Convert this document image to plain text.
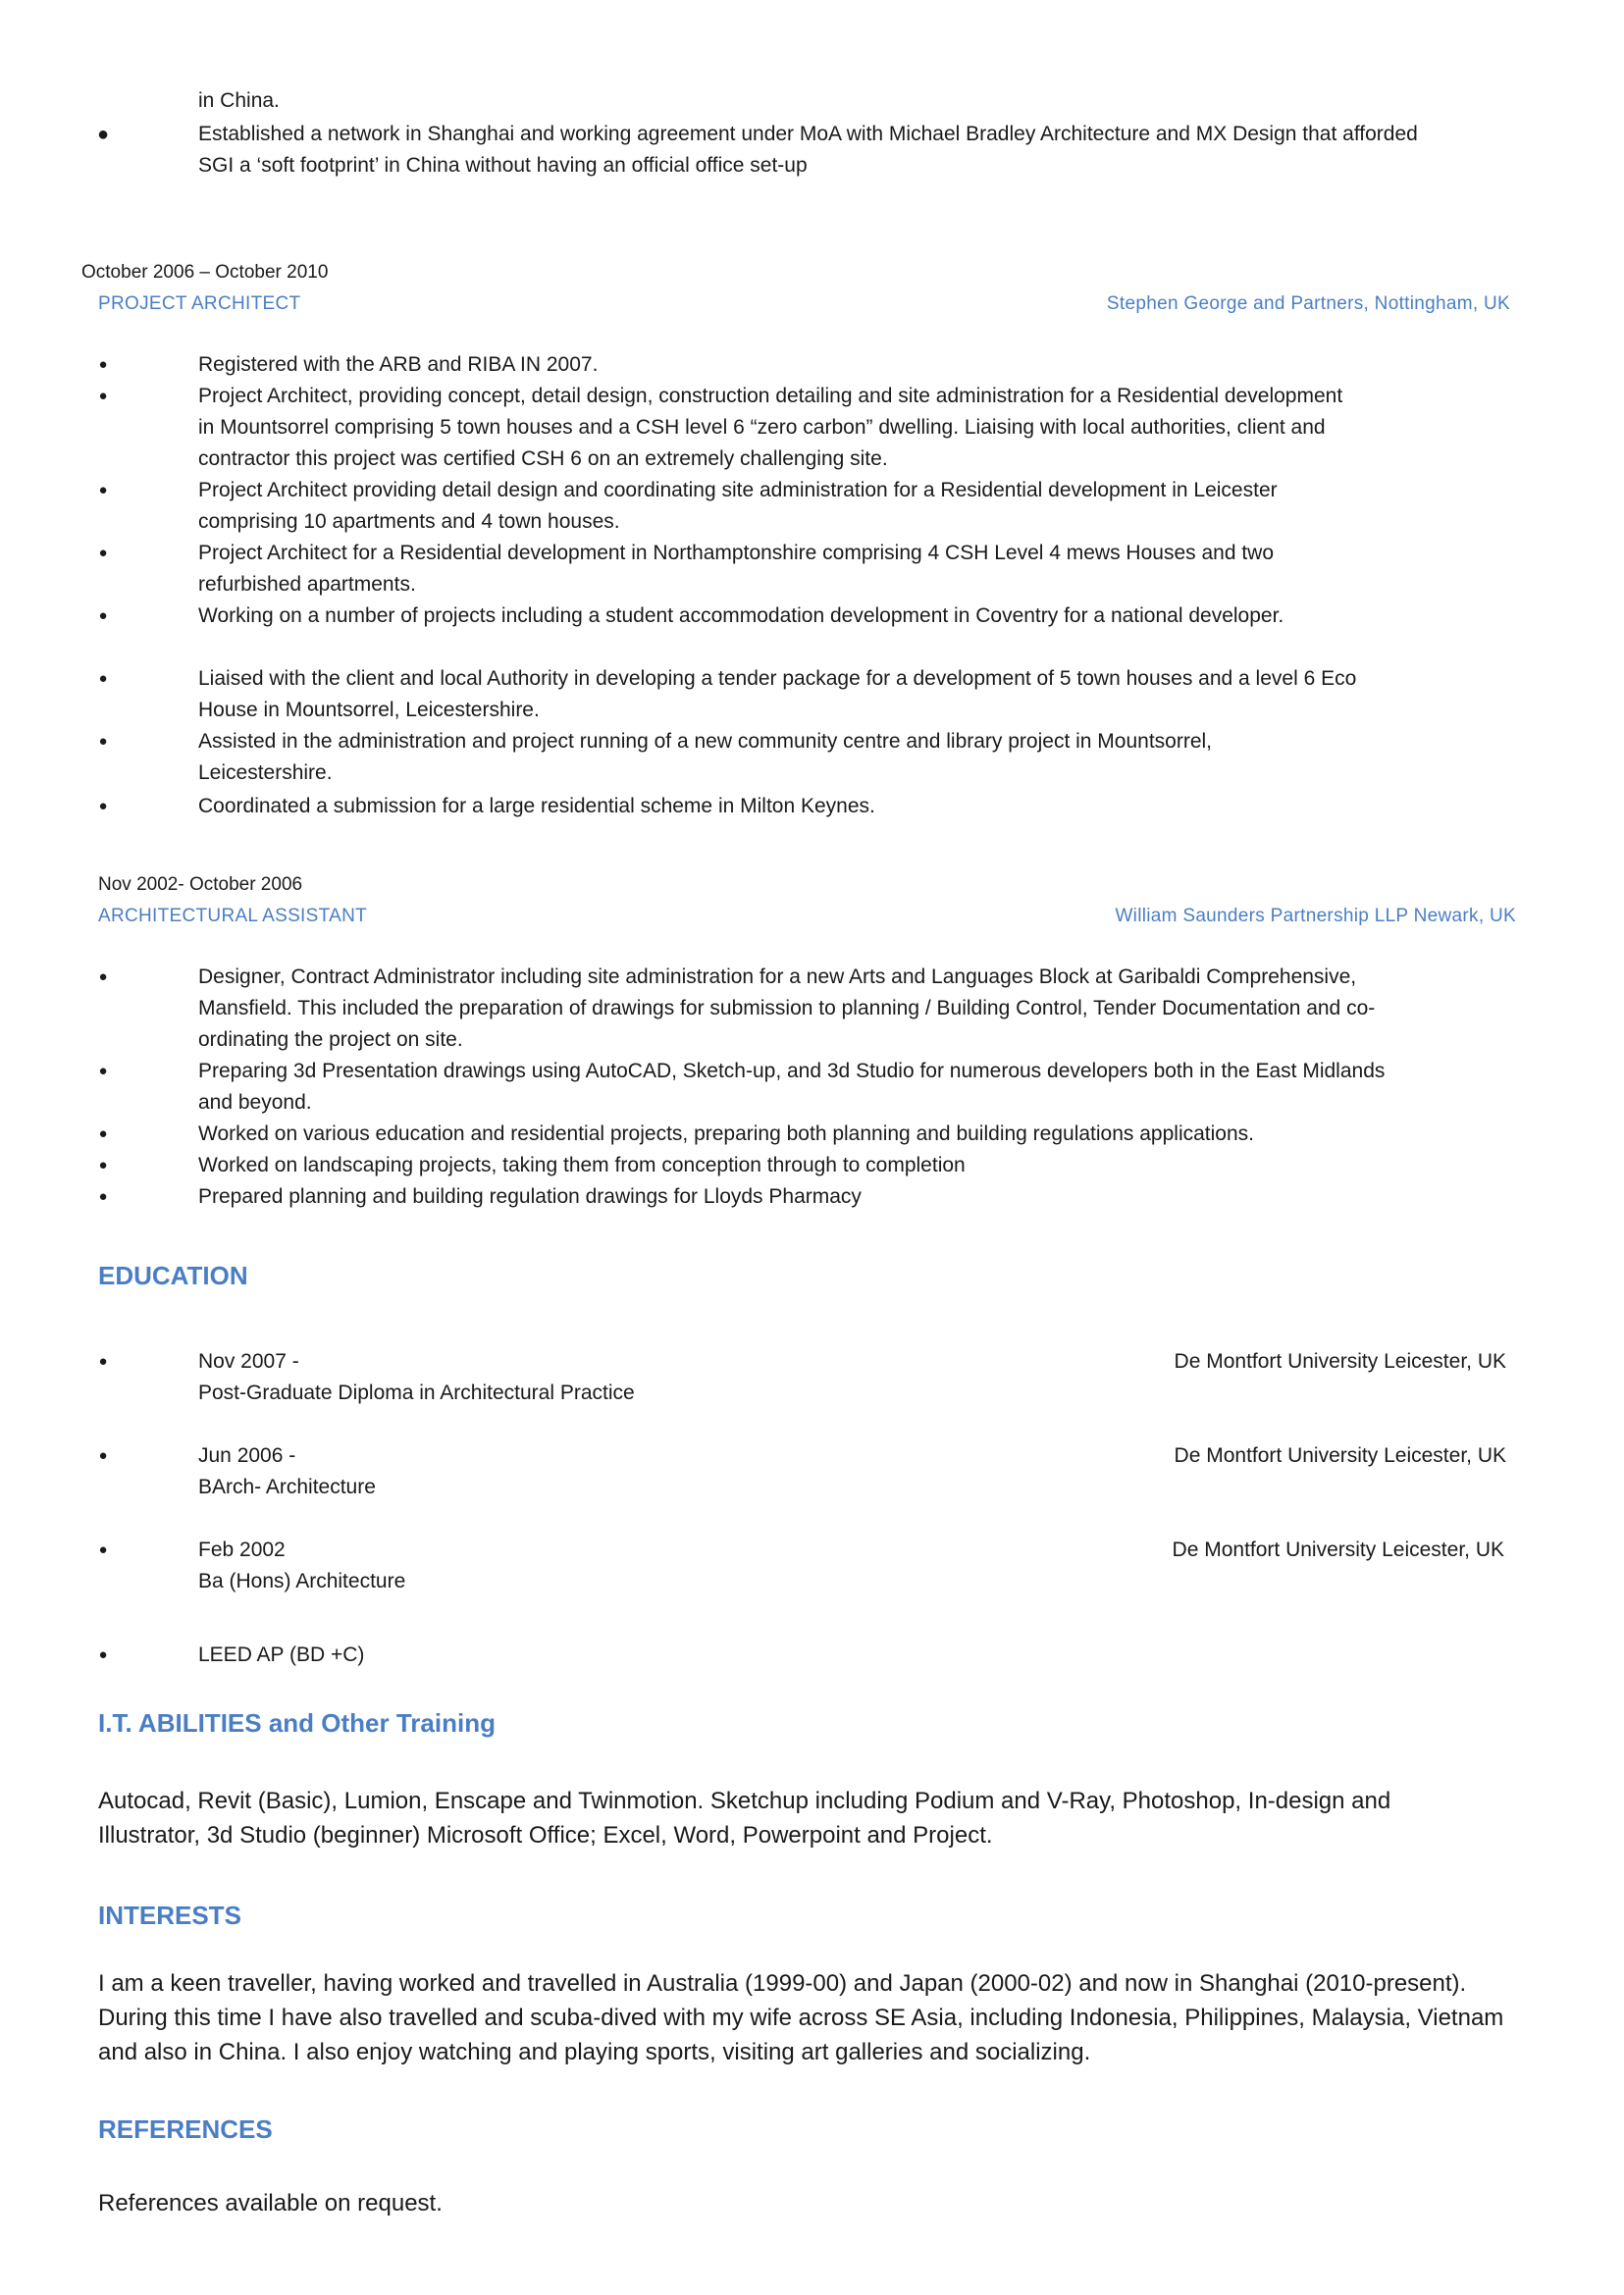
in China.
●	Established a network in Shanghai and working agreement under MoA with Michael Bradley Architecture and MX Design that afforded SGI a ‘soft footprint’ in China without having an official office set-up
October 2006 – October 2010
PROJECT ARCHITECT	Stephen George and Partners, Nottingham, UK
●	Registered with the ARB and RIBA IN 2007.
●	Project Architect, providing concept, detail design, construction detailing and site administration for a Residential development in Mountsorrel comprising 5 town houses and a CSH level 6 “zero carbon” dwelling. Liaising with local authorities, client and contractor this project was certified CSH 6 on an extremely challenging site.
●	Project Architect providing detail design and coordinating site administration for a Residential development in Leicester comprising 10 apartments and 4 town houses.
●	Project Architect for a Residential development in Northamptonshire comprising 4 CSH Level 4 mews Houses and two refurbished apartments.
●	Working on a number of projects including a student accommodation development in Coventry for a national developer.
●	Liaised with the client and local Authority in developing a tender package for a development of 5 town houses and a level 6 Eco House in Mountsorrel, Leicestershire.
●	Assisted in the administration and project running of a new community centre and library project in Mountsorrel, Leicestershire.
●	Coordinated a submission for a large residential scheme in Milton Keynes.
Nov 2002- October 2006
ARCHITECTURAL ASSISTANT	William Saunders Partnership LLP Newark, UK
●	Designer, Contract Administrator including site administration for a new Arts and Languages Block at Garibaldi Comprehensive, Mansfield. This included the preparation of drawings for submission to planning / Building Control, Tender Documentation and co-ordinating the project on site.
●	Preparing 3d Presentation drawings using AutoCAD, Sketch-up, and 3d Studio for numerous developers both in the East Midlands and beyond.
●	Worked on various education and residential projects, preparing both planning and building regulations applications.
●	Worked on landscaping projects, taking them from conception through to completion
●	Prepared planning and building regulation drawings for Lloyds Pharmacy
EDUCATION
●	Nov 2007 -
Post-Graduate Diploma in Architectural Practice
De Montfort University Leicester, UK
●	Jun 2006 -
BArch- Architecture
De Montfort University Leicester, UK
●	Feb 2002
Ba (Hons) Architecture
De Montfort University Leicester, UK
●	LEED AP (BD +C)
I.T. ABILITIES and Other Training
Autocad, Revit (Basic), Lumion, Enscape and Twinmotion. Sketchup including Podium and V-Ray, Photoshop, In-design and Illustrator, 3d Studio (beginner) Microsoft Office; Excel, Word, Powerpoint and Project.
INTERESTS
I am a keen traveller, having worked and travelled in Australia (1999-00) and Japan (2000-02) and now in Shanghai (2010-present). During this time I have also travelled and scuba-dived with my wife across SE Asia, including Indonesia, Philippines, Malaysia, Vietnam and also in China. I also enjoy watching and playing sports, visiting art galleries and socializing.
REFERENCES
References available on request.
